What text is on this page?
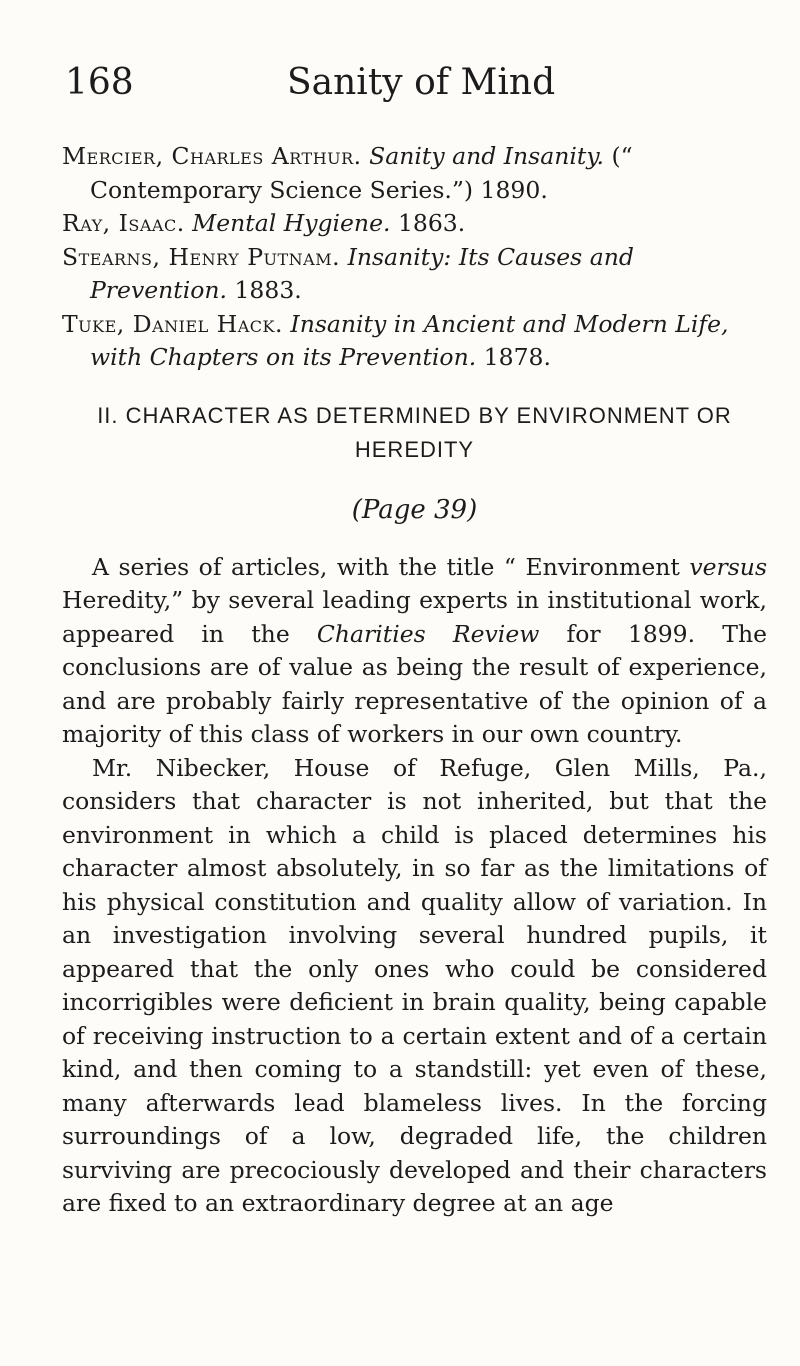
168	Sanity of Mind

Mercier, Charles Arthur. Sanity and Insanity. (“ Contemporary Science Series.”) 1890.

Ray, Isaac. Mental Hygiene. 1863.

Stearns, Henry Putnam. Insanity: Its Causes and Prevention. 1883.

Tuke, Daniel Hack. Insanity in Ancient and Modern Life, with Chapters on its Prevention. 1878.

II. CHARACTER AS DETERMINED BY ENVIRONMENT OR HEREDITY
(Page 39)

A series of articles, with the title “ Environment versus Heredity,” by several leading experts in institutional work, appeared in the Charities Review for 1899. The conclusions are of value as being the result of experience, and are probably fairly representative of the opinion of a majority of this class of workers in our own country.

Mr. Nibecker, House of Refuge, Glen Mills, Pa., considers that character is not inherited, but that the environment in which a child is placed determines his character almost absolutely, in so far as the limitations of his physical constitution and quality allow of variation. In an investigation involving several hundred pupils, it appeared that the only ones who could be considered incorrigibles were deficient in brain quality, being capable of receiving instruction to a certain extent and of a certain kind, and then coming to a standstill: yet even of these, many afterwards lead blameless lives. In the forcing surroundings of a low, degraded life, the children surviving are precociously developed and their characters are fixed to an extraordinary degree at an age
